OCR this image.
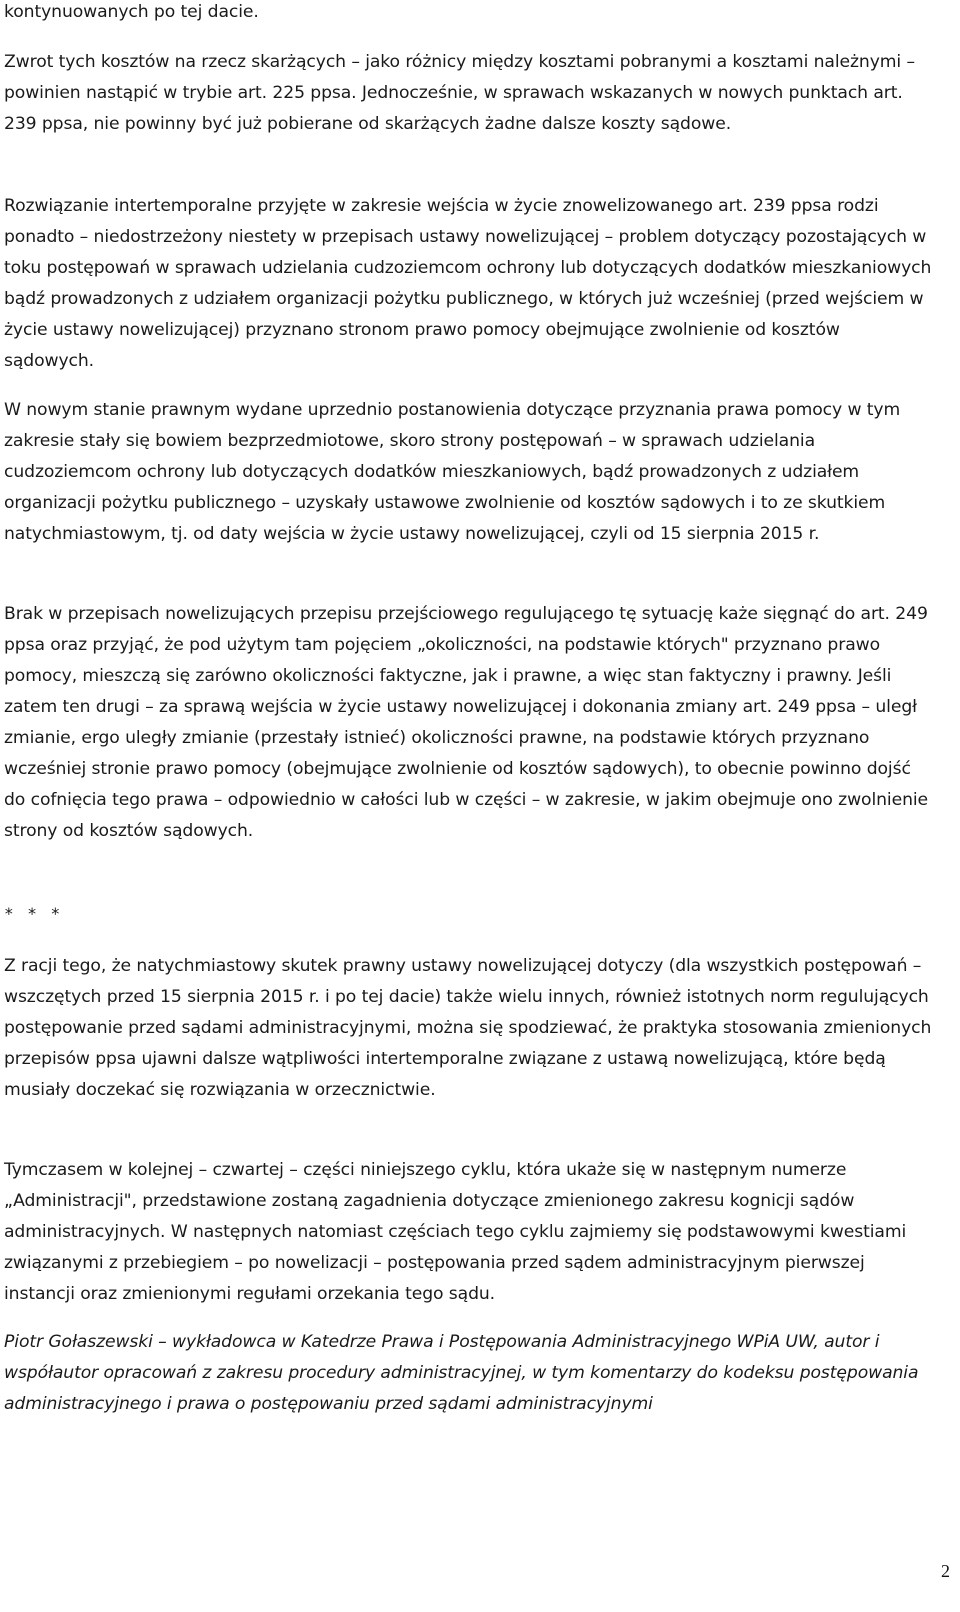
kontynuowanych po tej dacie.

Zwrot tych kosztów na rzecz skarżących – jako różnicy między kosztami pobranymi a kosztami należnymi – powinien nastąpić w trybie art. 225 ppsa. Jednocześnie, w sprawach wskazanych w nowych punktach art. 239 ppsa, nie powinny być już pobierane od skarżących żadne dalsze koszty sądowe.

Rozwiązanie intertemporalne przyjęte w zakresie wejścia w życie znowelizowanego art. 239 ppsa rodzi ponadto – niedostrzeżony niestety w przepisach ustawy nowelizującej – problem dotyczący pozostających w toku postępowań w sprawach udzielania cudzoziemcom ochrony lub dotyczących dodatków mieszkaniowych bądź prowadzonych z udziałem organizacji pożytku publicznego, w których już wcześniej (przed wejściem w życie ustawy nowelizującej) przyznano stronom prawo pomocy obejmujące zwolnienie od kosztów sądowych.

W nowym stanie prawnym wydane uprzednio postanowienia dotyczące przyznania prawa pomocy w tym zakresie stały się bowiem bezprzedmiotowe, skoro strony postępowań – w sprawach udzielania cudzoziemcom ochrony lub dotyczących dodatków mieszkaniowych, bądź prowadzonych z udziałem organizacji pożytku publicznego – uzyskały ustawowe zwolnienie od kosztów sądowych i to ze skutkiem natychmiastowym, tj. od daty wejścia w życie ustawy nowelizującej, czyli od 15 sierpnia 2015 r.

Brak w przepisach nowelizujących przepisu przejściowego regulującego tę sytuację każe sięgnąć do art. 249 ppsa oraz przyjąć, że pod użytym tam pojęciem „okoliczności, na podstawie których" przyznano prawo pomocy, mieszczą się zarówno okoliczności faktyczne, jak i prawne, a więc stan faktyczny i prawny. Jeśli zatem ten drugi – za sprawą wejścia w życie ustawy nowelizującej i dokonania zmiany art. 249 ppsa – uległ zmianie, ergo uległy zmianie (przestały istnieć) okoliczności prawne, na podstawie których przyznano wcześniej stronie prawo pomocy (obejmujące zwolnienie od kosztów sądowych), to obecnie powinno dojść do cofnięcia tego prawa – odpowiednio w całości lub w części – w zakresie, w jakim obejmuje ono zwolnienie strony od kosztów sądowych.

* * *

Z racji tego, że natychmiastowy skutek prawny ustawy nowelizującej dotyczy (dla wszystkich postępowań – wszczętych przed 15 sierpnia 2015 r. i po tej dacie) także wielu innych, również istotnych norm regulujących postępowanie przed sądami administracyjnymi, można się spodziewać, że praktyka stosowania zmienionych przepisów ppsa ujawni dalsze wątpliwości intertemporalne związane z ustawą nowelizującą, które będą musiały doczekać się rozwiązania w orzecznictwie.

Tymczasem w kolejnej – czwartej – części niniejszego cyklu, która ukaże się w następnym numerze „Administracji", przedstawione zostaną zagadnienia dotyczące zmienionego zakresu kognicji sądów administracyjnych. W następnych natomiast częściach tego cyklu zajmiemy się podstawowymi kwestiami związanymi z przebiegiem – po nowelizacji – postępowania przed sądem administracyjnym pierwszej instancji oraz zmienionymi regułami orzekania tego sądu.

Piotr Gołaszewski – wykładowca w Katedrze Prawa i Postępowania Administracyjnego WPiA UW, autor i współautor opracowań z zakresu procedury administracyjnej, w tym komentarzy do kodeksu postępowania administracyjnego i prawa o postępowaniu przed sądami administracyjnymi

2
